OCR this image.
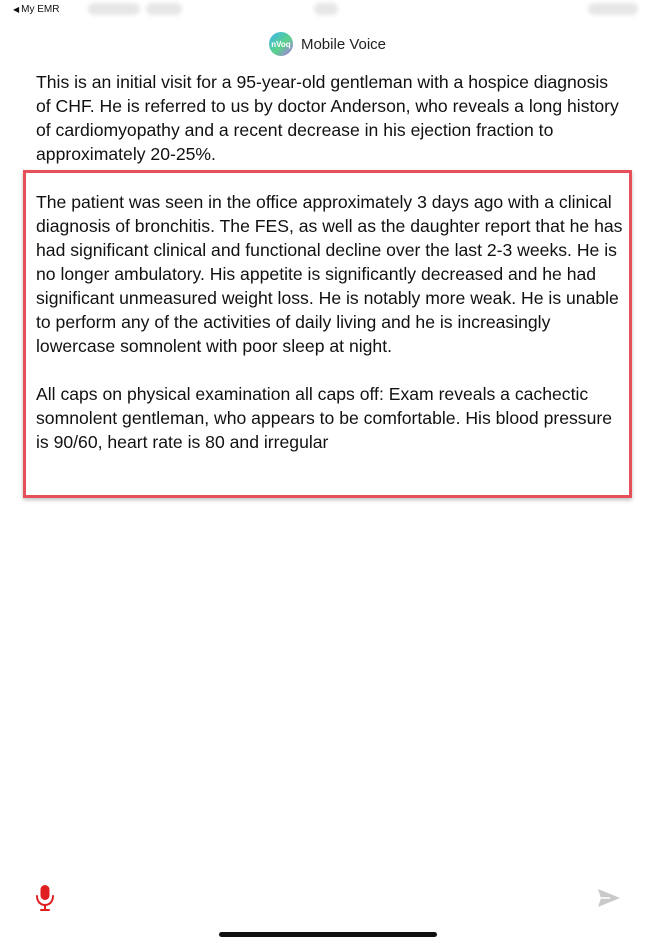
◀ My EMR
nVoq Mobile Voice

This is an initial visit for a 95-year-old gentleman with a hospice diagnosis of CHF. He is referred to us by doctor Anderson, who reveals a long history of cardiomyopathy and a recent decrease in his ejection fraction to approximately 20-25%.

The patient was seen in the office approximately 3 days ago with a clinical diagnosis of bronchitis. The FES, as well as the daughter report that he has had significant clinical and functional decline over the last 2-3 weeks. He is no longer ambulatory. His appetite is significantly decreased and he had significant unmeasured weight loss. He is notably more weak. He is unable to perform any of the activities of daily living and he is increasingly lowercase somnolent with poor sleep at night.

All caps on physical examination all caps off: Exam reveals a cachectic somnolent gentleman, who appears to be comfortable. His blood pressure is 90/60, heart rate is 80 and irregular
